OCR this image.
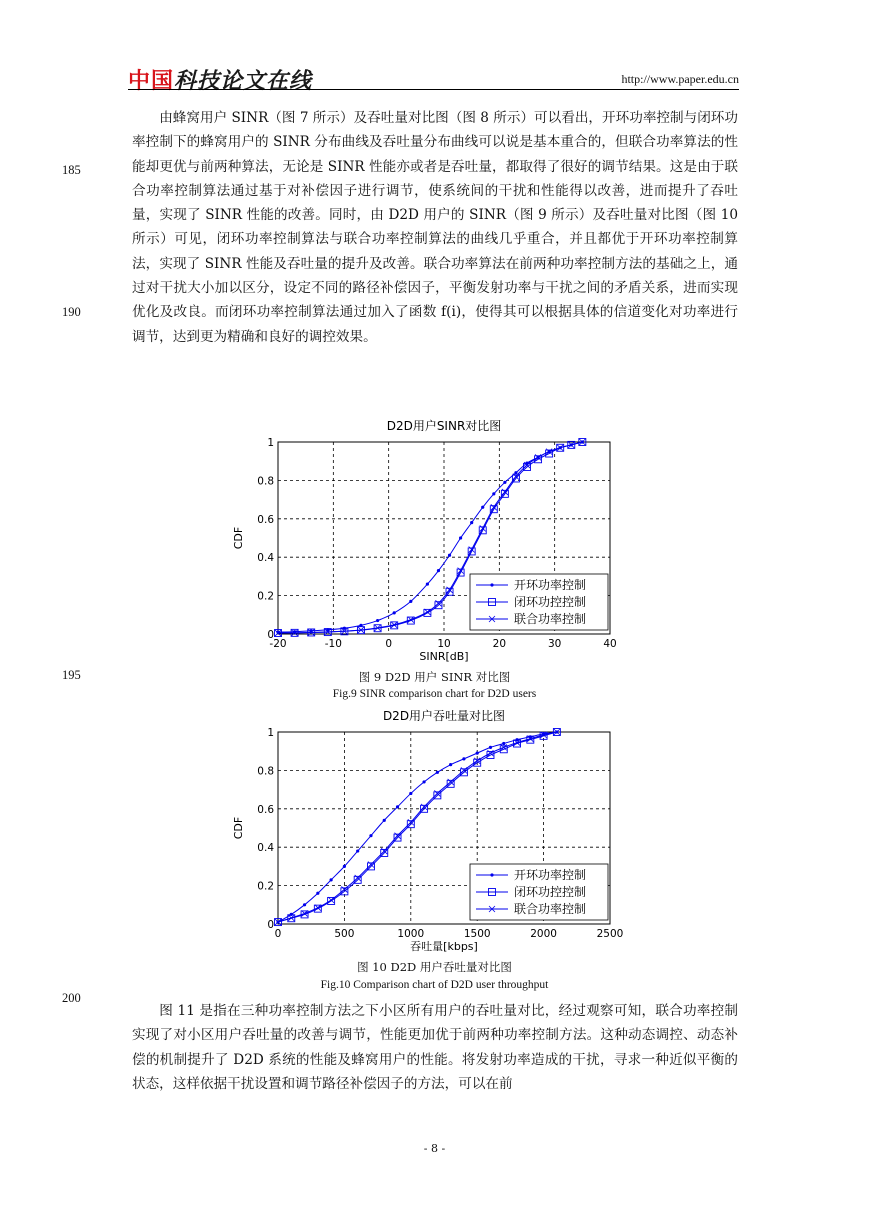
中国科技论文在线	http://www.paper.edu.cn
185
190
195
200
由蜂窝用户 SINR（图 7 所示）及吞吐量对比图（图 8 所示）可以看出，开环功率控制与闭环功率控制下的蜂窝用户的 SINR 分布曲线及吞吐量分布曲线可以说是基本重合的，但联合功率算法的性能却更优与前两种算法，无论是 SINR 性能亦或者是吞吐量，都取得了很好的调节结果。这是由于联合功率控制算法通过基于对补偿因子进行调节，使系统间的干扰和性能得以改善，进而提升了吞吐量，实现了 SINR 性能的改善。同时，由 D2D 用户的 SINR（图 9 所示）及吞吐量对比图（图 10 所示）可见，闭环功率控制算法与联合功率控制算法的曲线几乎重合，并且都优于开环功率控制算法，实现了 SINR 性能及吞吐量的提升及改善。联合功率算法在前两种功率控制方法的基础之上，通过对干扰大小加以区分，设定不同的路径补偿因子，平衡发射功率与干扰之间的矛盾关系，进而实现优化及改良。而闭环功率控制算法通过加入了函数 f(i)，使得其可以根据具体的信道变化对功率进行调节，达到更为精确和良好的调控效果。
D2D用户SINR对比图
-20	-10	0	10	20	30	40
0
0.2
0.4
0.6
0.8
1
SINR[dB]
CDF
开环功率控制
闭环功控控制
联合功率控制
图 9 D2D 用户 SINR 对比图
Fig.9 SINR comparison chart for D2D users
D2D用户吞吐量对比图
0	500	1000	1500	2000	2500
0
0.2
0.4
0.6
0.8
1
吞吐量[kbps]
CDF
开环功率控制
闭环功控控制
联合功率控制
图 10 D2D 用户吞吐量对比图
Fig.10 Comparison chart of D2D user throughput
图 11 是指在三种功率控制方法之下小区所有用户的吞吐量对比，经过观察可知，联合功率控制实现了对小区用户吞吐量的改善与调节，性能更加优于前两种功率控制方法。这种动态调控、动态补偿的机制提升了 D2D 系统的性能及蜂窝用户的性能。将发射功率造成的干扰，寻求一种近似平衡的状态，这样依据干扰设置和调节路径补偿因子的方法，可以在前
- 8 -
